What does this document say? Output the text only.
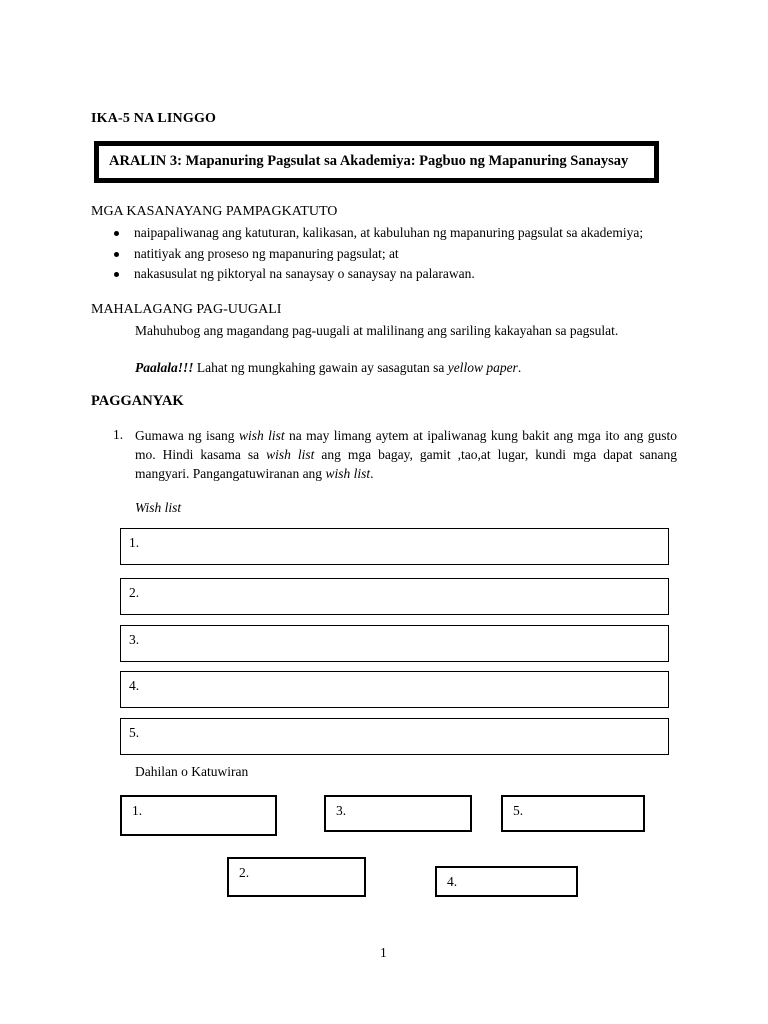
IKA-5 NA LINGGO
ARALIN 3: Mapanuring Pagsulat sa Akademiya: Pagbuo ng Mapanuring Sanaysay
MGA KASANAYANG PAMPAGKATUTO
naipapaliwanag ang katuturan, kalikasan, at kabuluhan ng mapanuring pagsulat sa akademiya;
natitiyak ang proseso ng mapanuring pagsulat; at
nakasusulat ng piktoryal na sanaysay o sanaysay na palarawan.
MAHALAGANG PAG-UUGALI
Mahuhubog ang magandang pag-uugali at malilinang ang sariling kakayahan sa pagsulat.
Paalala!!! Lahat ng mungkahing gawain ay sasagutan sa yellow paper.
PAGGANYAK
1. Gumawa ng isang wish list na may limang aytem at ipaliwanag kung bakit ang mga ito ang gusto mo. Hindi kasama sa wish list ang mga bagay, gamit ,tao,at lugar, kundi mga dapat sanang mangyari. Pangangatuwiranan ang wish list.
Wish list
1.
2.
3.
4.
5.
Dahilan o Katuwiran
1.
2.
3.
4.
5.
1
